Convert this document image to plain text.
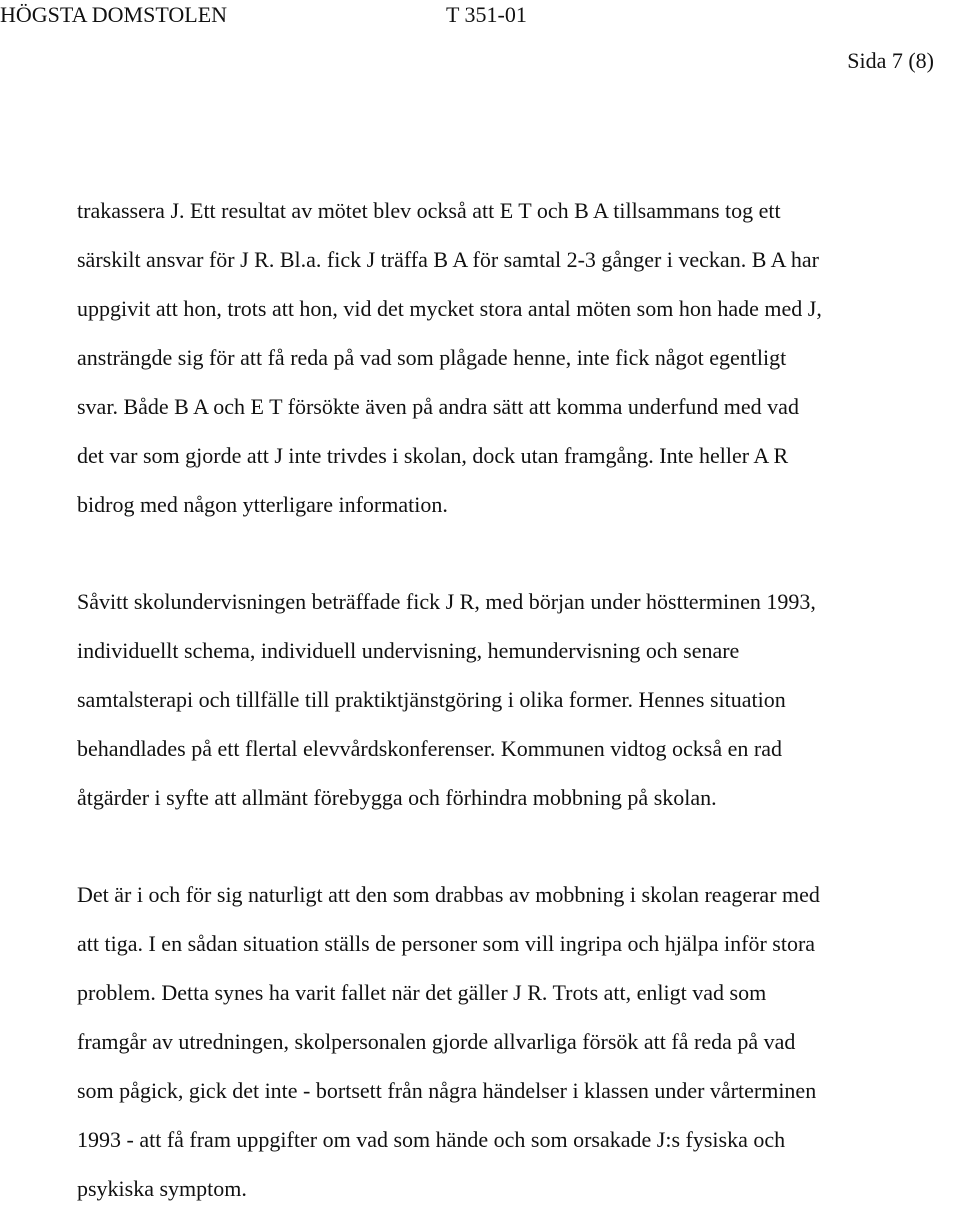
HÖGSTA DOMSTOLEN	T 351-01
Sida 7 (8)

trakassera J. Ett resultat av mötet blev också att E T och B A tillsammans tog ett
särskilt ansvar för J R. Bl.a. fick J träffa B A för samtal 2-3 gånger i veckan. B A har
uppgivit att hon, trots att hon, vid det mycket stora antal möten som hon hade med J,
ansträngde sig för att få reda på vad som plågade henne, inte fick något egentligt
svar. Både B A och E T försökte även på andra sätt att komma underfund med vad
det var som gjorde att J inte trivdes i skolan, dock utan framgång. Inte heller A R
bidrog med någon ytterligare information.

Såvitt skolundervisningen beträffade fick J R, med början under höstterminen 1993,
individuellt schema, individuell undervisning, hemundervisning och senare
samtalsterapi och tillfälle till praktiktjänstgöring i olika former. Hennes situation
behandlades på ett flertal elevvårdskonferenser. Kommunen vidtog också en rad
åtgärder i syfte att allmänt förebygga och förhindra mobbning på skolan.

Det är i och för sig naturligt att den som drabbas av mobbning i skolan reagerar med
att tiga. I en sådan situation ställs de personer som vill ingripa och hjälpa inför stora
problem. Detta synes ha varit fallet när det gäller J R. Trots att, enligt vad som
framgår av utredningen, skolpersonalen gjorde allvarliga försök att få reda på vad
som pågick, gick det inte - bortsett från några händelser i klassen under vårterminen
1993 - att få fram uppgifter om vad som hände och som orsakade J:s fysiska och
psykiska symptom.
